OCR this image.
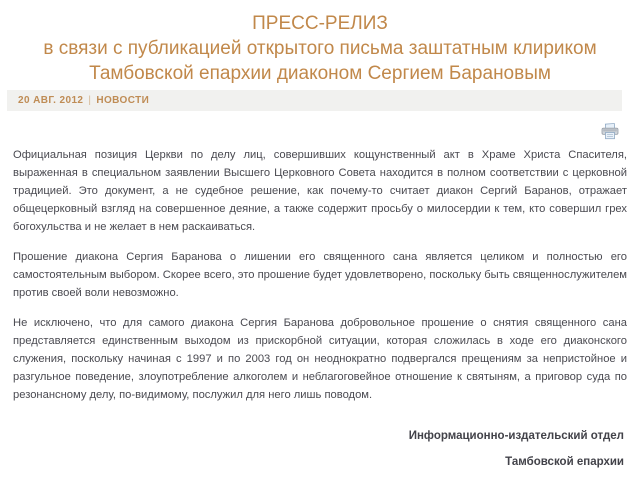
ПРЕСС-РЕЛИЗ
в связи с публикацией открытого письма заштатным клириком
Тамбовской епархии диаконом Сергием Барановым
20 АВГ. 2012 | НОВОСТИ

Официальная позиция Церкви по делу лиц, совершивших кощунственный акт в Храме Христа Спасителя, выраженная в специальном заявлении Высшего Церковного Совета находится в полном соответствии с церковной традицией. Это документ, а не судебное решение, как почему-то считает диакон Сергий Баранов, отражает общецерковный взгляд на совершенное деяние, а также содержит просьбу о милосердии к тем, кто совершил грех богохульства и не желает в нем раскаиваться.

Прошение диакона Сергия Баранова о лишении его священного сана является целиком и полностью его самостоятельным выбором. Скорее всего, это прошение будет удовлетворено, поскольку быть священнослужителем против своей воли невозможно.

Не исключено, что для самого диакона Сергия Баранова добровольное прошение о снятия священного сана представляется единственным выходом из прискорбной ситуации, которая сложилась в ходе его диаконского служения, поскольку начиная с 1997 и по 2003 год он неоднократно подвергался прещениям за непристойное и разгульное поведение, злоупотребление алкоголем и неблагоговейное отношение к святыням, а приговор суда по резонансному делу, по-видимому, послужил для него лишь поводом.

Информационно-издательский отдел
Тамбовской епархии
